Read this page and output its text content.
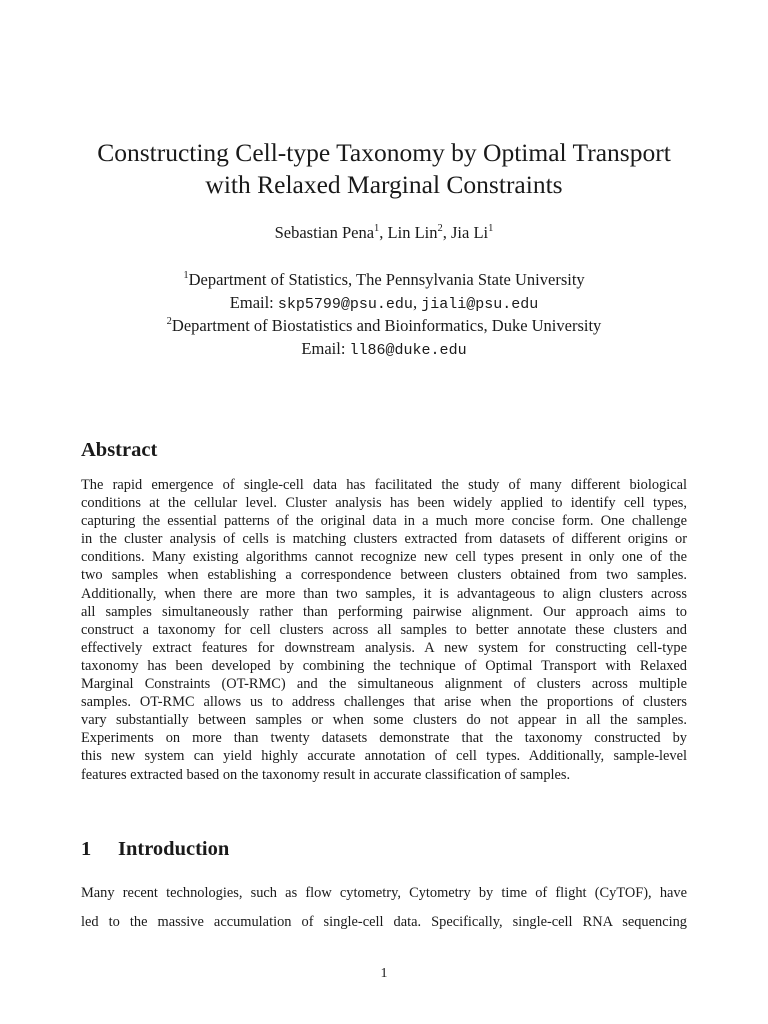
Constructing Cell-type Taxonomy by Optimal Transport
with Relaxed Marginal Constraints
Sebastian Pena$^1$, Lin Lin$^2$, Jia Li$^1$
$^1$Department of Statistics, The Pennsylvania State University
Email: skp5799@psu.edu, jiali@psu.edu
$^2$Department of Biostatistics and Bioinformatics, Duke University
Email: ll86@duke.edu
Abstract
The rapid emergence of single-cell data has facilitated the study of many different biological
conditions at the cellular level. Cluster analysis has been widely applied to identify cell types,
capturing the essential patterns of the original data in a much more concise form. One challenge
in the cluster analysis of cells is matching clusters extracted from datasets of different origins or
conditions. Many existing algorithms cannot recognize new cell types present in only one of the
two samples when establishing a correspondence between clusters obtained from two samples.
Additionally, when there are more than two samples, it is advantageous to align clusters across
all samples simultaneously rather than performing pairwise alignment. Our approach aims to
construct a taxonomy for cell clusters across all samples to better annotate these clusters and
effectively extract features for downstream analysis. A new system for constructing cell-type
taxonomy has been developed by combining the technique of Optimal Transport with Relaxed
Marginal Constraints (OT-RMC) and the simultaneous alignment of clusters across multiple
samples. OT-RMC allows us to address challenges that arise when the proportions of clusters
vary substantially between samples or when some clusters do not appear in all the samples.
Experiments on more than twenty datasets demonstrate that the taxonomy constructed by
this new system can yield highly accurate annotation of cell types. Additionally, sample-level
features extracted based on the taxonomy result in accurate classification of samples.
1 Introduction
Many recent technologies, such as flow cytometry, Cytometry by time of flight (CyTOF), have
led to the massive accumulation of single-cell data. Specifically, single-cell RNA sequencing
1
